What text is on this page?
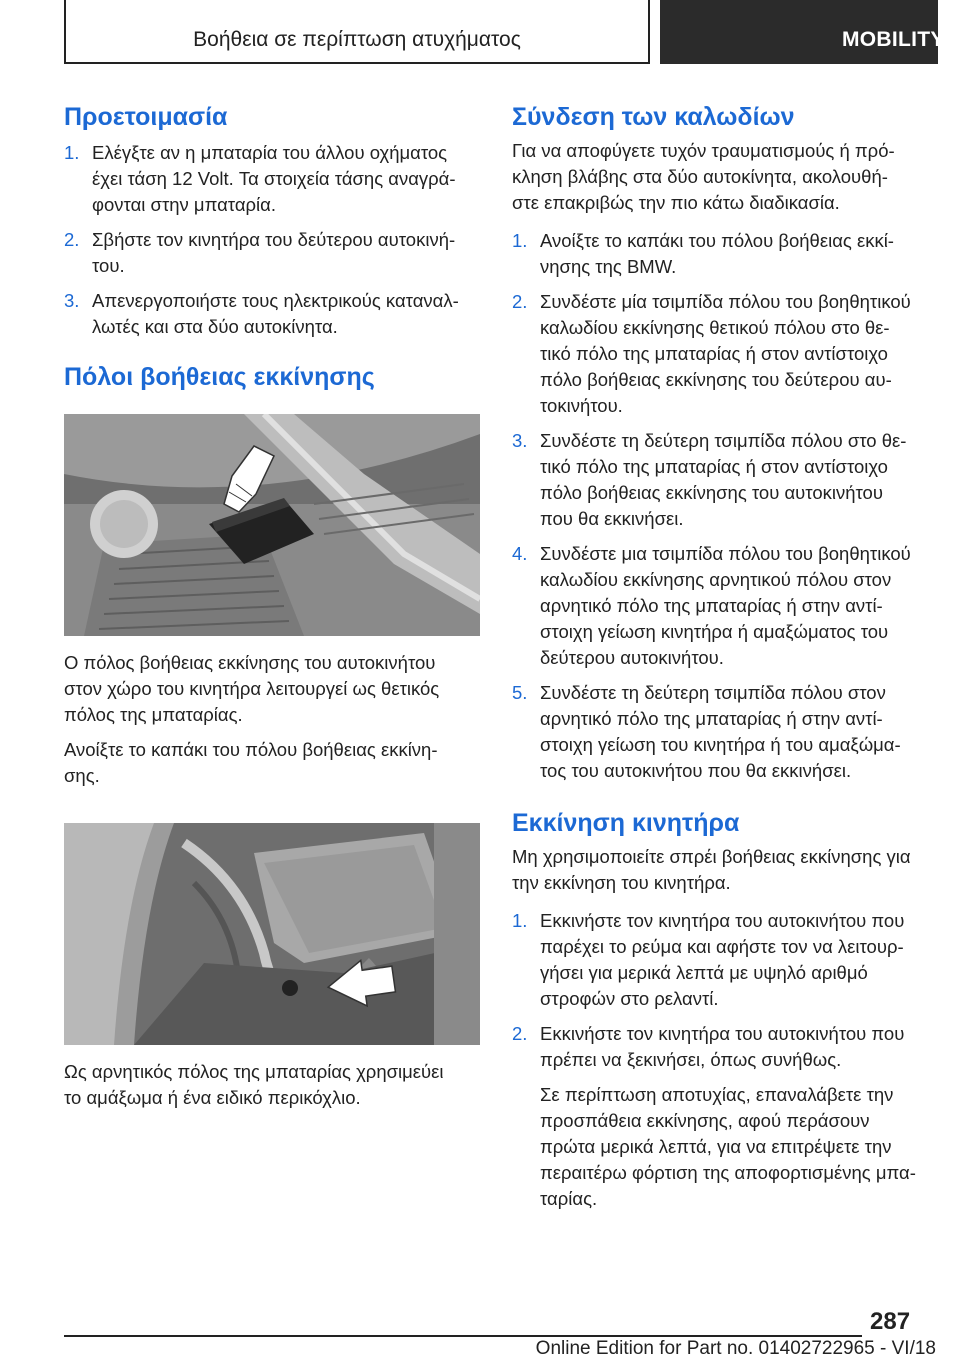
Βοήθεια σε περίπτωση ατυχήματος	MOBILITY
Προετοιμασία
1. Ελέγξτε αν η μπαταρία του άλλου οχήματος
έχει τάση 12 Volt. Τα στοιχεία τάσης αναγρά‐
φονται στην μπαταρία.
2. Σβήστε τον κινητήρα του δεύτερου αυτοκινή‐
του.
3. Απενεργοποιήστε τους ηλεκτρικούς καταναλ‐
λωτές και στα δύο αυτοκίνητα.
Πόλοι βοήθειας εκκίνησης
Ο πόλος βοήθειας εκκίνησης του αυτοκινήτου
στον χώρο του κινητήρα λειτουργεί ως θετικός
πόλος της μπαταρίας.
Ανοίξτε το καπάκι του πόλου βοήθειας εκκίνη‐
σης.
Ως αρνητικός πόλος της μπαταρίας χρησιμεύει
το αμάξωμα ή ένα ειδικό περικόχλιο.
Σύνδεση των καλωδίων
Για να αποφύγετε τυχόν τραυματισμούς ή πρό‐
κληση βλάβης στα δύο αυτοκίνητα, ακολουθή‐
στε επακριβώς την πιο κάτω διαδικασία.
1. Ανοίξτε το καπάκι του πόλου βοήθειας εκκί‐
νησης της BMW.
2. Συνδέστε μία τσιμπίδα πόλου του βοηθητικού
καλωδίου εκκίνησης θετικού πόλου στο θε‐
τικό πόλο της μπαταρίας ή στον αντίστοιχο
πόλο βοήθειας εκκίνησης του δεύτερου αυ‐
τοκινήτου.
3. Συνδέστε τη δεύτερη τσιμπίδα πόλου στο θε‐
τικό πόλο της μπαταρίας ή στον αντίστοιχο
πόλο βοήθειας εκκίνησης του αυτοκινήτου
που θα εκκινήσει.
4. Συνδέστε μια τσιμπίδα πόλου του βοηθητικού
καλωδίου εκκίνησης αρνητικού πόλου στον
αρνητικό πόλο της μπαταρίας ή στην αντί‐
στοιχη γείωση κινητήρα ή αμαξώματος του
δεύτερου αυτοκινήτου.
5. Συνδέστε τη δεύτερη τσιμπίδα πόλου στον
αρνητικό πόλο της μπαταρίας ή στην αντί‐
στοιχη γείωση του κινητήρα ή του αμαξώμα‐
τος του αυτοκινήτου που θα εκκινήσει.
Εκκίνηση κινητήρα
Μη χρησιμοποιείτε σπρέι βοήθειας εκκίνησης για
την εκκίνηση του κινητήρα.
1. Εκκινήστε τον κινητήρα του αυτοκινήτου που
παρέχει το ρεύμα και αφήστε τον να λειτουρ‐
γήσει για μερικά λεπτά με υψηλό αριθμό
στροφών στο ρελαντί.
2. Εκκινήστε τον κινητήρα του αυτοκινήτου που
πρέπει να ξεκινήσει, όπως συνήθως.
Σε περίπτωση αποτυχίας, επαναλάβετε την
προσπάθεια εκκίνησης, αφού περάσουν
πρώτα μερικά λεπτά, για να επιτρέψετε την
περαιτέρω φόρτιση της αποφορτισμένης μπα‐
ταρίας.
287
Online Edition for Part no. 01402722965 - VI/18
